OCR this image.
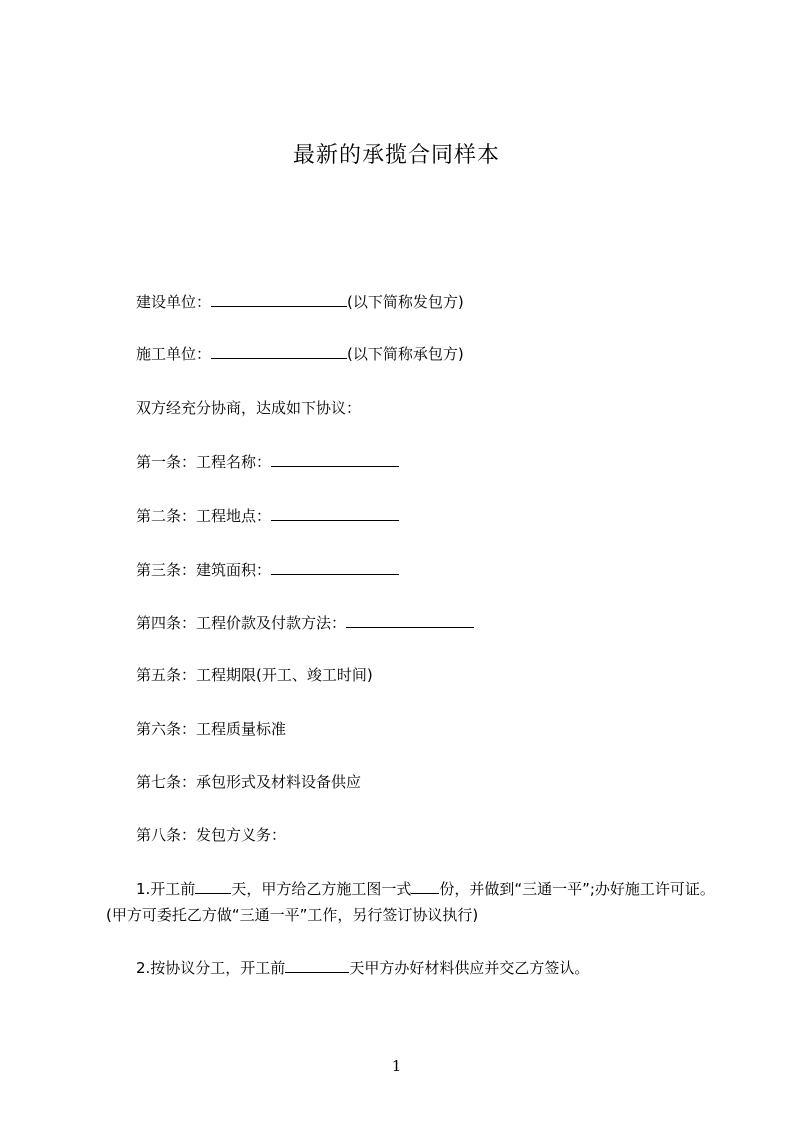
最新的承揽合同样本
建设单位：	(以下简称发包方)
施工单位：	(以下简称承包方)
双方经充分协商，达成如下协议：
第一条：工程名称：
第二条：工程地点：
第三条：建筑面积：
第四条：工程价款及付款方法：
第五条：工程期限(开工、竣工时间)
第六条：工程质量标准
第七条：承包形式及材料设备供应
第八条：发包方义务：
1.开工前 天，甲方给乙方施工图一式 份，并做到“三通一平”;办好施工许可证。(甲方可委托乙方做“三通一平”工作，另行签订协议执行)
2.按协议分工，开工前	天甲方办好材料供应并交乙方签认。
1
